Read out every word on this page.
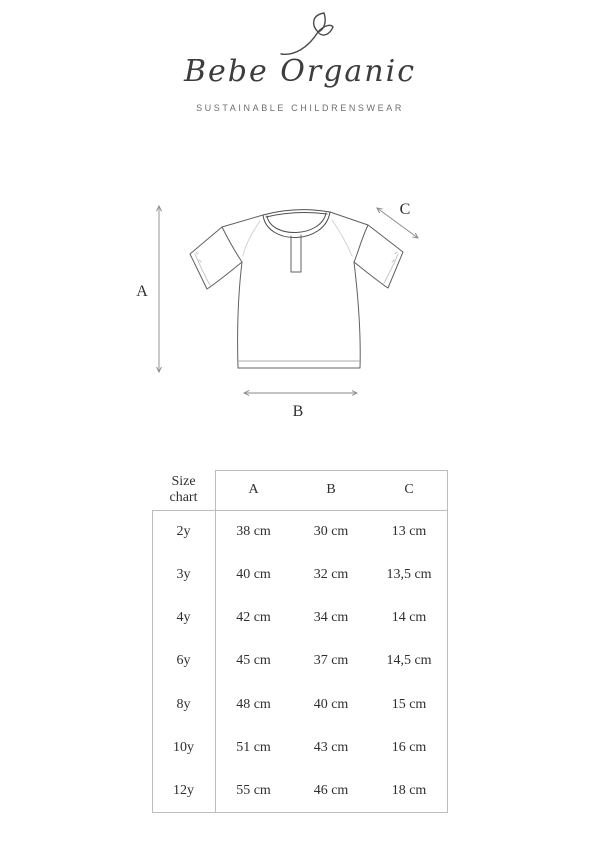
Bebe Organic
SUSTAINABLE CHILDRENSWEAR
A
B
C
Size chart
A	B	C
2y	38 cm	30 cm	13 cm
3y	40 cm	32 cm	13,5 cm
4y	42 cm	34 cm	14 cm
6y	45 cm	37 cm	14,5 cm
8y	48 cm	40 cm	15 cm
10y	51 cm	43 cm	16 cm
12y	55 cm	46 cm	18 cm
